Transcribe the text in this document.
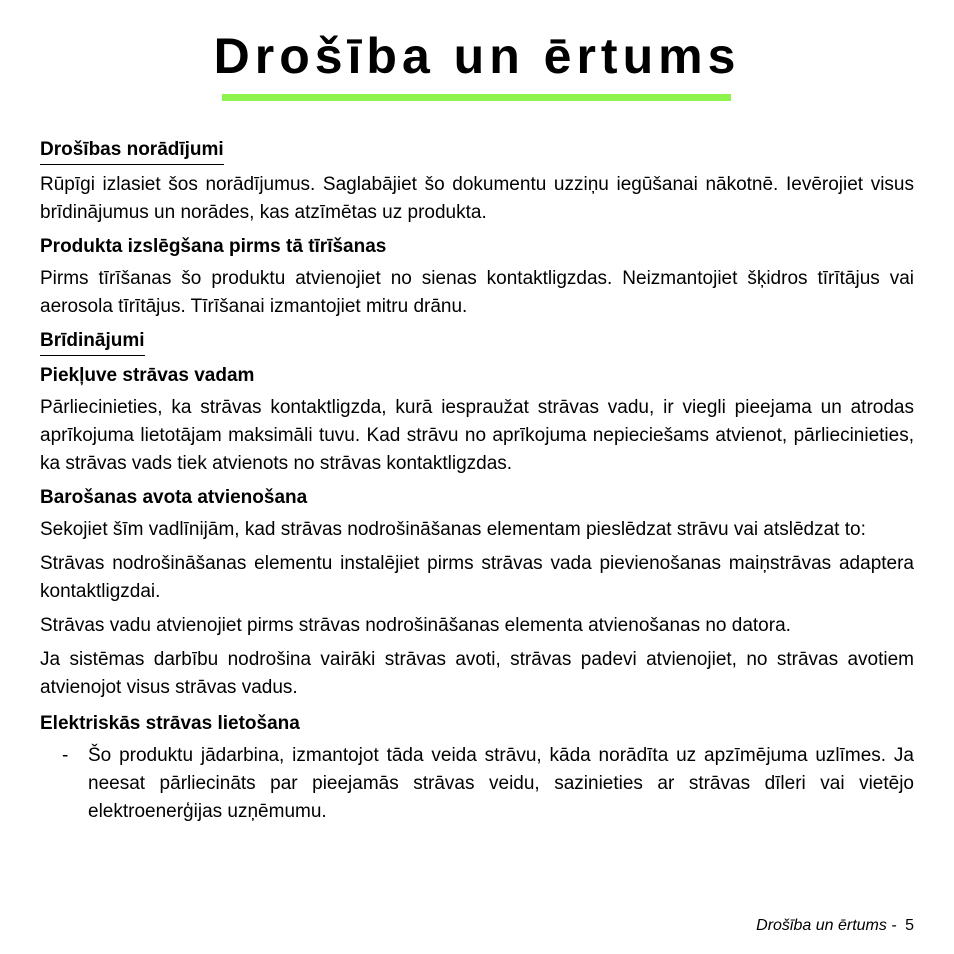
Drošība un ērtums
Drošības norādījumi

Rūpīgi izlasiet šos norādījumus. Saglabājiet šo dokumentu uzziņu iegūšanai nākotnē. Ievērojiet visus brīdinājumus un norādes, kas atzīmētas uz produkta.

Produkta izslēgšana pirms tā tīrīšanas

Pirms tīrīšanas šo produktu atvienojiet no sienas kontaktligzdas. Neizmantojiet šķidros tīrītājus vai aerosola tīrītājus. Tīrīšanai izmantojiet mitru drānu.

Brīdinājumi

Piekļuve strāvas vadam

Pārliecinieties, ka strāvas kontaktligzda, kurā iespraužat strāvas vadu, ir viegli pieejama un atrodas aprīkojuma lietotājam maksimāli tuvu. Kad strāvu no aprīkojuma nepieciešams atvienot, pārliecinieties, ka strāvas vads tiek atvienots no strāvas kontaktligzdas.

Barošanas avota atvienošana

Sekojiet šīm vadlīnijām, kad strāvas nodrošināšanas elementam pieslēdzat strāvu vai atslēdzat to:

Strāvas nodrošināšanas elementu instalējiet pirms strāvas vada pievienošanas maiņstrāvas adaptera kontaktligzdai.

Strāvas vadu atvienojiet pirms strāvas nodrošināšanas elementa atvienošanas no datora.

Ja sistēmas darbību nodrošina vairāki strāvas avoti, strāvas padevi atvienojiet, no strāvas avotiem atvienojot visus strāvas vadus.

Elektriskās strāvas lietošana

- Šo produktu jādarbina, izmantojot tāda veida strāvu, kāda norādīta uz apzīmējuma uzlīmes. Ja neesat pārliecināts par pieejamās strāvas veidu, sazinieties ar strāvas dīleri vai vietējo elektroenerģijas uzņēmumu.
Drošība un ērtums - 5
